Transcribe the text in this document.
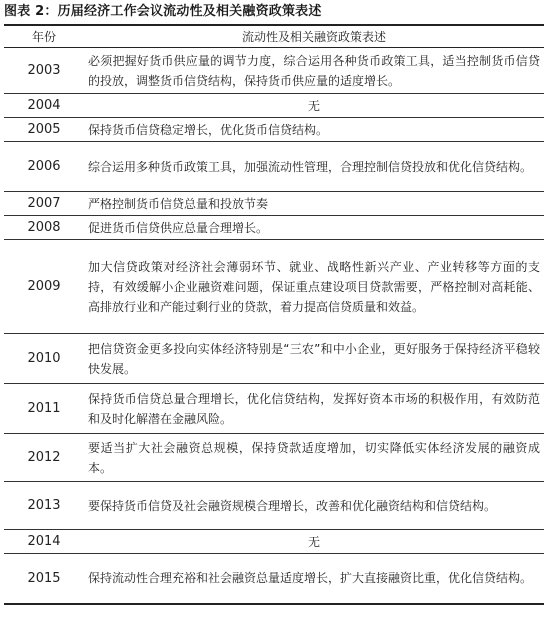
图表 2：历届经济工作会议流动性及相关融资政策表述
年份	流动性及相关融资政策表述
2003	必须把握好货币供应量的调节力度，综合运用各种货币政策工具，适当控制货币信贷的投放，调整货币信贷结构，保持货币供应量的适度增长。
2004	无
2005	保持货币信贷稳定增长，优化货币信贷结构。
2006	综合运用多种货币政策工具，加强流动性管理，合理控制信贷投放和优化信贷结构。
2007	严格控制货币信贷总量和投放节奏
2008	促进货币信贷供应总量合理增长。
2009	加大信贷政策对经济社会薄弱环节、就业、战略性新兴产业、产业转移等方面的支持，有效缓解小企业融资难问题，保证重点建设项目贷款需要，严格控制对高耗能、高排放行业和产能过剩行业的贷款，着力提高信贷质量和效益。
2010	把信贷资金更多投向实体经济特别是“三农”和中小企业，更好服务于保持经济平稳较快发展。
2011	保持货币信贷总量合理增长，优化信贷结构，发挥好资本市场的积极作用，有效防范和及时化解潜在金融风险。
2012	要适当扩大社会融资总规模，保持贷款适度增加，切实降低实体经济发展的融资成本。
2013	要保持货币信贷及社会融资规模合理增长，改善和优化融资结构和信贷结构。
2014	无
2015	保持流动性合理充裕和社会融资总量适度增长，扩大直接融资比重，优化信贷结构。
